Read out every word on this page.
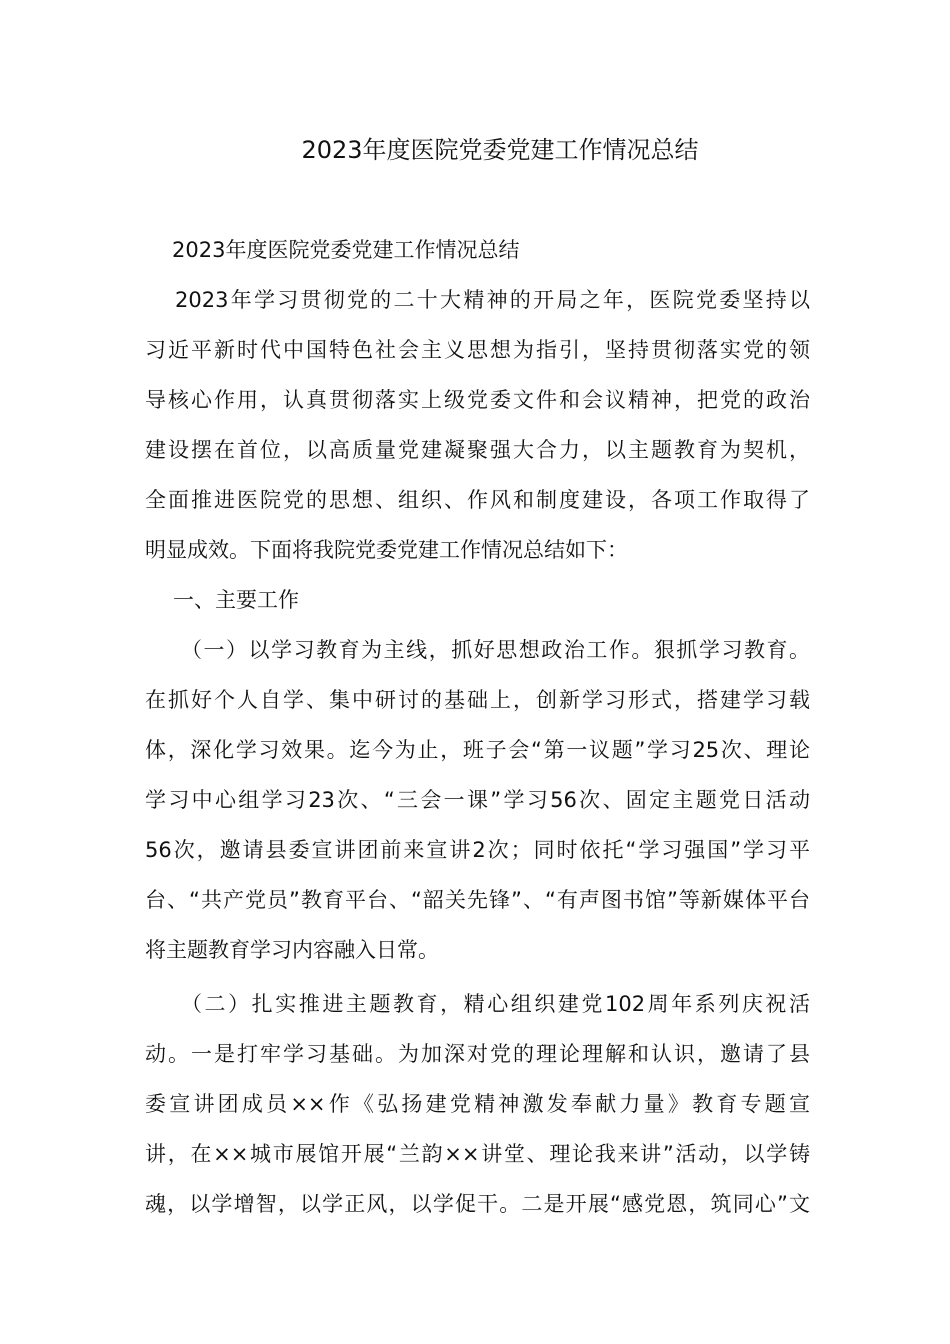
2023年度医院党委党建工作情况总结
2023年度医院党委党建工作情况总结
2023年学习贯彻党的二十大精神的开局之年，医院党委坚持以
习近平新时代中国特色社会主义思想为指引，坚持贯彻落实党的领
导核心作用，认真贯彻落实上级党委文件和会议精神，把党的政治
建设摆在首位，以高质量党建凝聚强大合力，以主题教育为契机，
全面推进医院党的思想、组织、作风和制度建设，各项工作取得了
明显成效。下面将我院党委党建工作情况总结如下：
一、主要工作
（一）以学习教育为主线，抓好思想政治工作。狠抓学习教育。
在抓好个人自学、集中研讨的基础上，创新学习形式，搭建学习载
体，深化学习效果。迄今为止，班子会“第一议题”学习25次、理论
学习中心组学习23次、“三会一课”学习56次、固定主题党日活动
56次，邀请县委宣讲团前来宣讲2次；同时依托“学习强国”学习平
台、“共产党员”教育平台、“韶关先锋”、“有声图书馆”等新媒体平台
将主题教育学习内容融入日常。
（二）扎实推进主题教育，精心组织建党102周年系列庆祝活
动。一是打牢学习基础。为加深对党的理论理解和认识，邀请了县
委宣讲团成员××作《弘扬建党精神激发奉献力量》教育专题宣
讲，在××城市展馆开展“兰韵××讲堂、理论我来讲”活动，以学铸
魂，以学增智，以学正风，以学促干。二是开展“感党恩，筑同心”文
